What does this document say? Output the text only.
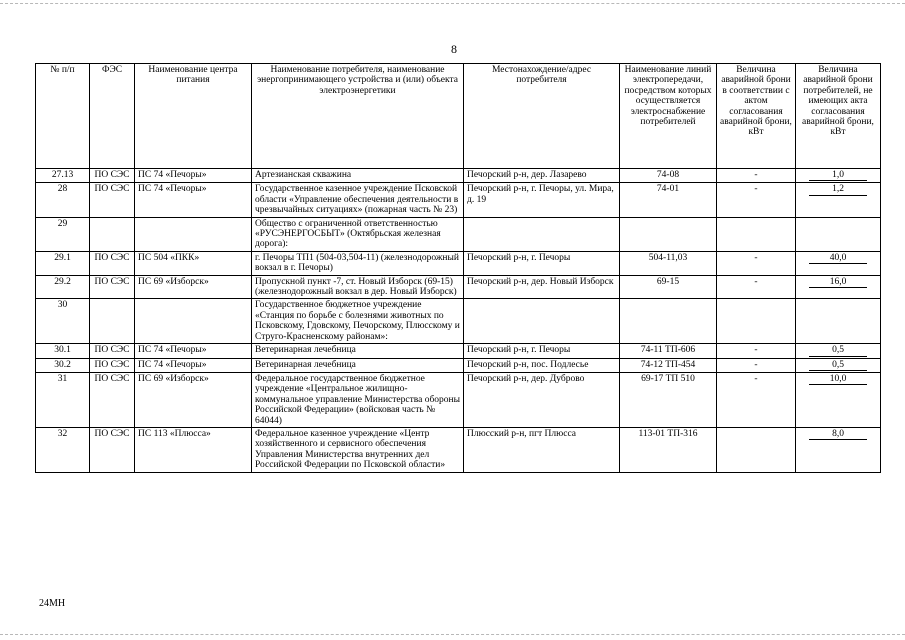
8
№ п/п	ФЭС	Наименование центра питания	Наименование потребителя, наименование энергопринимающего устройства и (или) объекта электроэнергетики	Местонахождение/адрес потребителя	Наименование линий электропередачи, посредством которых осуществляется электроснабжение потребителей	Величина аварийной брони в соответствии с актом согласования аварийной брони, кВт	Величина аварийной брони потребителей, не имеющих акта согласования аварийной брони, кВт
27.13	ПО СЭС	ПС 74 «Печоры»	Артезианская скважина	Печорский р-н, дер. Лазарево	74-08	-	1,0

28	ПО СЭС	ПС 74 «Печоры»	Государственное казенное учреждение Псковской области «Управление обеспечения деятельности в чрезвычайных ситуациях» (пожарная часть № 23)	Печорский р-н, г. Печоры, ул. Мира, д. 19	74-01	-	1,2

29			Общество с ограниченной ответственностью «РУСЭНЕРГОСБЫТ» (Октябрьская железная дорога):				
29.1	ПО СЭС	ПС 504 «ПКК»	г. Печоры ТП1 (504-03,504-11) (железнодорожный вокзал в г. Печоры)	Печорский р-н, г. Печоры	504-11,03	-	40,0

29.2	ПО СЭС	ПС 69 «Изборск»	Пропускной пункт -7, ст. Новый Изборск (69-15) (железнодорожный вокзал в дер. Новый Изборск)	Печорский р-н, дер. Новый Изборск	69-15	-	16,0

30			Государственное бюджетное учреждение «Станция по борьбе с болезнями животных по Псковскому, Гдовскому, Печорскому, Плюсскому и Струго-Красненскому районам»:				
30.1	ПО СЭС	ПС 74 «Печоры»	Ветеринарная лечебница	Печорский р-н, г. Печоры	74-11 ТП-606	-	0,5

30.2	ПО СЭС	ПС 74 «Печоры»	Ветеринарная лечебница	Печорский р-н, пос. Подлесье	74-12 ТП-454	-	0,5

31	ПО СЭС	ПС 69 «Изборск»	Федеральное государственное бюджетное учреждение «Центральное жилищно-коммунальное управление Министерства обороны Российской Федерации» (войсковая часть № 64044)	Печорский р-н, дер. Дуброво	69-17 ТП 510	-	10,0

32	ПО СЭС	ПС 113 «Плюсса»	Федеральное казенное учреждение «Центр хозяйственного и сервисного обеспечения Управления Министерства внутренних дел Российской Федерации по Псковской области»	Плюсский р-н, пгт Плюсса	113-01 ТП-316		8,0
24МН
